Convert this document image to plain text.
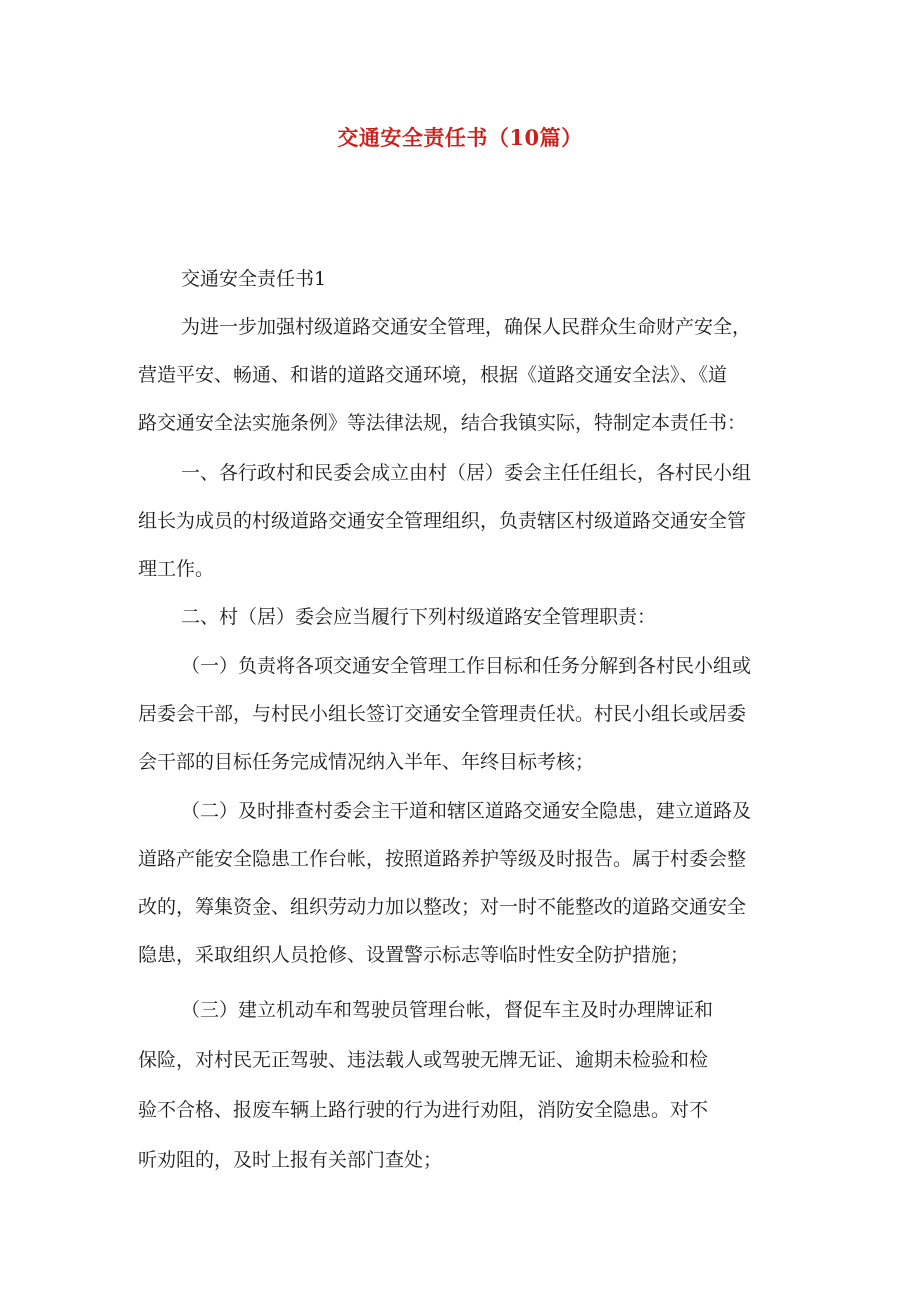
交通安全责任书（10篇）

交通安全责任书1

为进一步加强村级道路交通安全管理，确保人民群众生命财产安全，

营造平安、畅通、和谐的道路交通环境，根据《道路交通安全法》、《道

路交通安全法实施条例》等法律法规，结合我镇实际，特制定本责任书：

一、各行政村和民委会成立由村（居）委会主任任组长，各村民小组

组长为成员的村级道路交通安全管理组织，负责辖区村级道路交通安全管

理工作。

二、村（居）委会应当履行下列村级道路安全管理职责：

（一）负责将各项交通安全管理工作目标和任务分解到各村民小组或

居委会干部，与村民小组长签订交通安全管理责任状。村民小组长或居委

会干部的目标任务完成情况纳入半年、年终目标考核；

（二）及时排查村委会主干道和辖区道路交通安全隐患，建立道路及

道路产能安全隐患工作台帐，按照道路养护等级及时报告。属于村委会整

改的，筹集资金、组织劳动力加以整改；对一时不能整改的道路交通安全

隐患，采取组织人员抢修、设置警示标志等临时性安全防护措施；

（三）建立机动车和驾驶员管理台帐，督促车主及时办理牌证和

保险，对村民无正驾驶、违法载人或驾驶无牌无证、逾期未检验和检

验不合格、报废车辆上路行驶的行为进行劝阻，消防安全隐患。对不

听劝阻的，及时上报有关部门查处；
